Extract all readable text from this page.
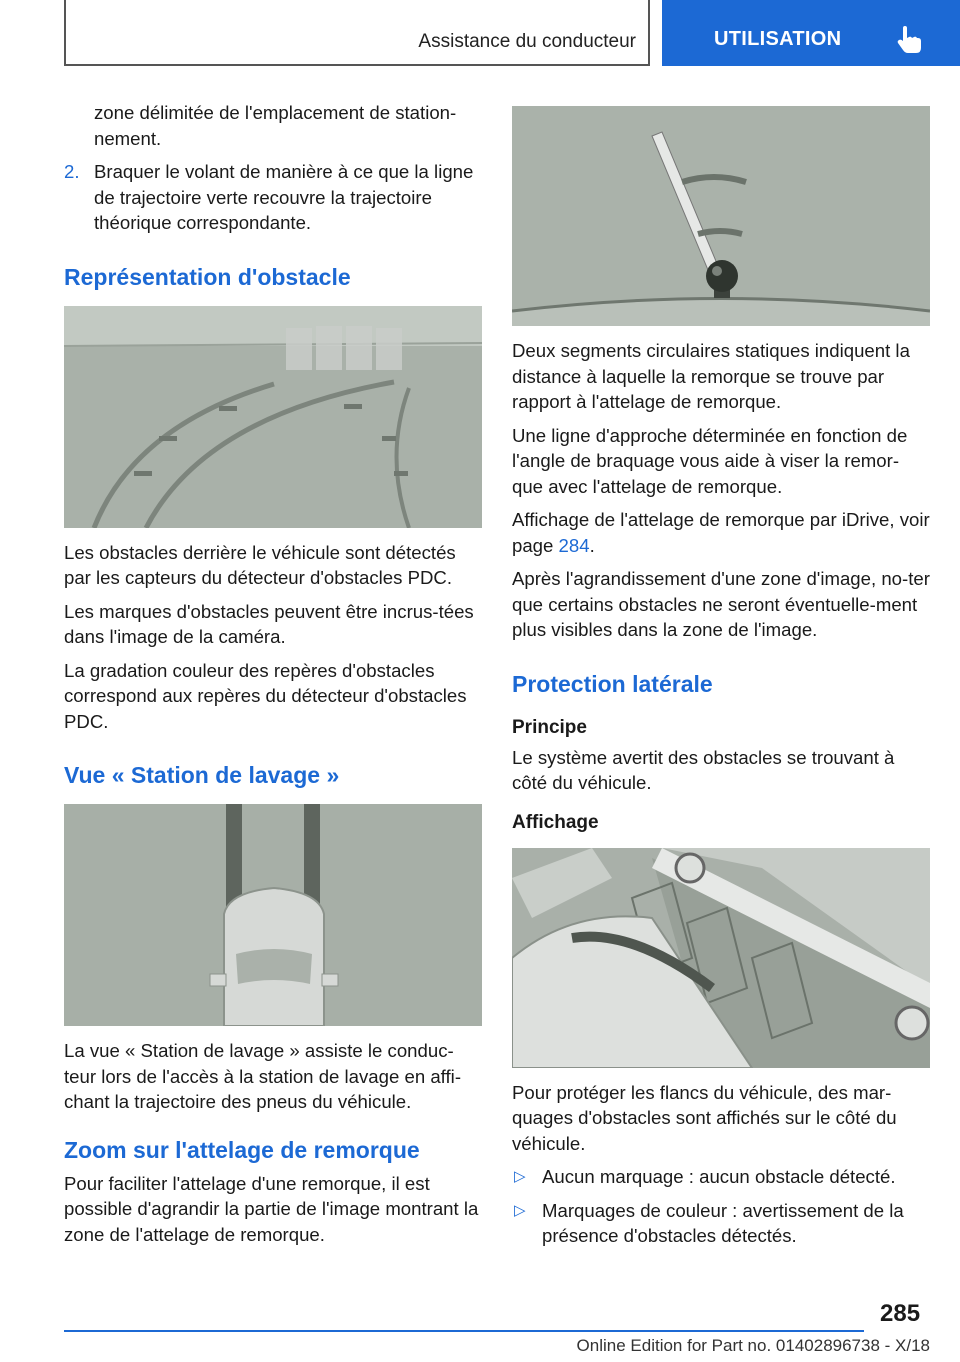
Assistance du conducteur	UTILISATION

zone délimitée de l'emplacement de station-nement.

2. Braquer le volant de manière à ce que la ligne de trajectoire verte recouvre la trajectoire théorique correspondante.
Représentation d'obstacle

Les obstacles derrière le véhicule sont détectés par les capteurs du détecteur d'obstacles PDC.

Les marques d'obstacles peuvent être incrus-tées dans l'image de la caméra.

La gradation couleur des repères d'obstacles correspond aux repères du détecteur d'obstacles PDC.

Vue « Station de lavage »

La vue « Station de lavage » assiste le conduc-teur lors de l'accès à la station de lavage en affi-chant la trajectoire des pneus du véhicule.

Zoom sur l'attelage de remorque

Pour faciliter l'attelage d'une remorque, il est possible d'agrandir la partie de l'image montrant la zone de l'attelage de remorque.

Deux segments circulaires statiques indiquent la distance à laquelle la remorque se trouve par rapport à l'attelage de remorque.

Une ligne d'approche déterminée en fonction de l'angle de braquage vous aide à viser la remor-que avec l'attelage de remorque.

Affichage de l'attelage de remorque par iDrive, voir page 284.

Après l'agrandissement d'une zone d'image, no-ter que certains obstacles ne seront éventuelle-ment plus visibles dans la zone de l'image.

Protection latérale
Principe

Le système avertit des obstacles se trouvant à côté du véhicule.

Affichage

Pour protéger les flancs du véhicule, des mar-quages d'obstacles sont affichés sur le côté du véhicule.

▷ Aucun marquage : aucun obstacle détecté.
▷ Marquages de couleur : avertissement de la présence d'obstacles détectés.
285
Online Edition for Part no. 01402896738 - X/18
